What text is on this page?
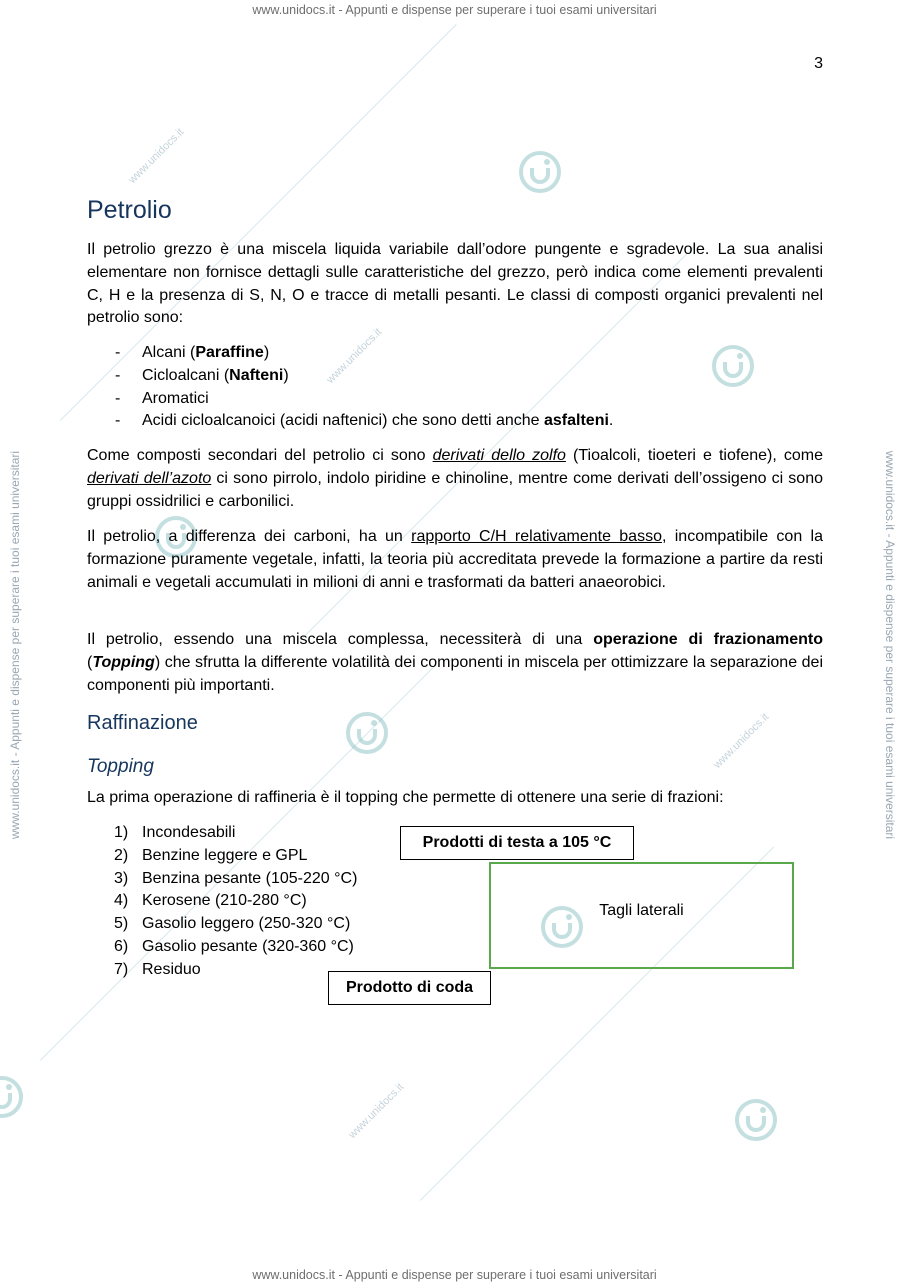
www.unidocs.it - Appunti e dispense per superare i tuoi esami universitari
www.unidocs.it - Appunti e dispense per superare i tuoi esami universitari
www.unidocs.it - Appunti e dispense per superare i tuoi esami universitari	www.unidocs.it - Appunti e dispense per superare i tuoi esami universitari
www.unidocs.it
www.unidocs.it
www.unidocs.it
www.unidocs.it
3
Petrolio

Il petrolio grezzo è una miscela liquida variabile dall’odore pungente e sgradevole. La sua analisi elementare non fornisce dettagli sulle caratteristiche del grezzo, però indica come elementi prevalenti C, H e la presenza di S, N, O e tracce di metalli pesanti. Le classi di composti organici prevalenti nel petrolio sono:

- Alcani (Paraffine)
- Cicloalcani (Nafteni)
- Aromatici
- Acidi cicloalcanoici (acidi naftenici) che sono detti anche asfalteni.

Come composti secondari del petrolio ci sono derivati dello zolfo (Tioalcoli, tioeteri e tiofene), come derivati dell’azoto ci sono pirrolo, indolo piridine e chinoline, mentre come derivati dell’ossigeno ci sono gruppi ossidrilici e carbonilici.

Il petrolio, a differenza dei carboni, ha un rapporto C/H relativamente basso, incompatibile con la formazione puramente vegetale, infatti, la teoria più accreditata prevede la formazione a partire da resti animali e vegetali accumulati in milioni di anni e trasformati da batteri anaeorobici.

Il petrolio, essendo una miscela complessa, necessiterà di una operazione di frazionamento (Topping) che sfrutta la differente volatilità dei componenti in miscela per ottimizzare la separazione dei componenti più importanti.

Raffinazione
Topping

La prima operazione di raffineria è il topping che permette di ottenere una serie di frazioni:

1) Incondesabili
2) Benzine leggere e GPL
3) Benzina pesante (105-220 °C)
4) Kerosene (210-280 °C)
5) Gasolio leggero (250-320 °C)
6) Gasolio pesante (320-360 °C)
7) Residuo
Tagli laterali
Prodotti di testa a 105 °C
Prodotto di coda
